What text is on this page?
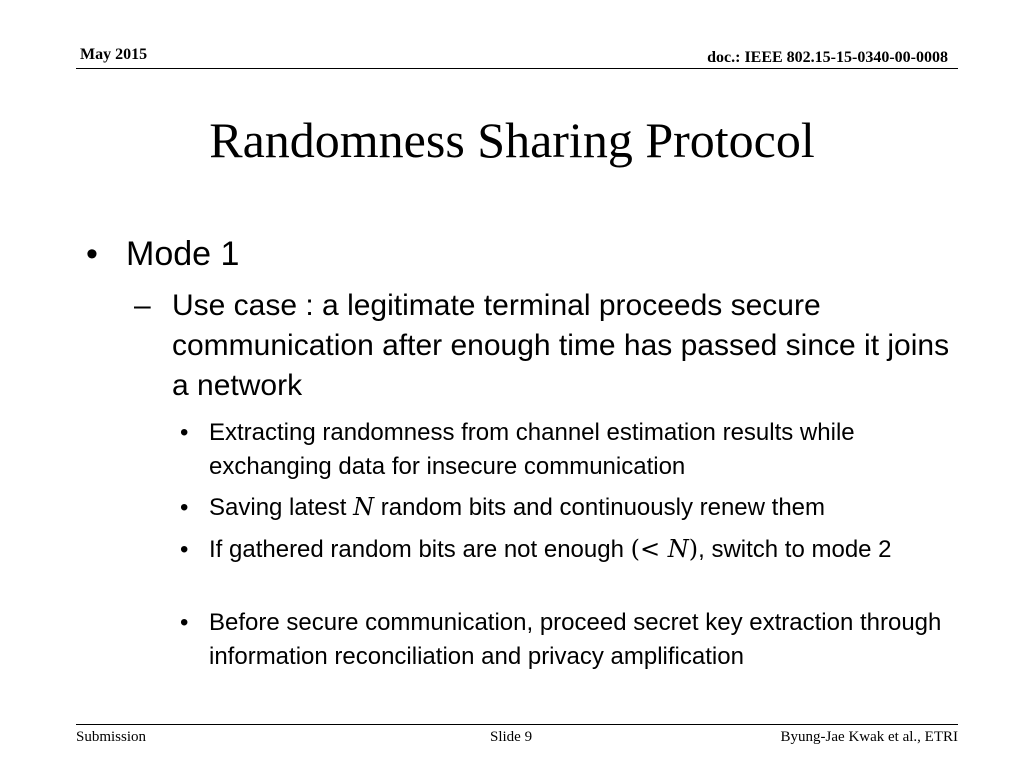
May 2015	doc.: IEEE 802.15-15-0340-00-0008
Randomness Sharing Protocol
• Mode 1
– Use case : a legitimate terminal proceeds secure communication after enough time has passed since it joins a network
• Extracting randomness from channel estimation results while exchanging data for insecure communication
• Saving latest N random bits and continuously renew them
• If gathered random bits are not enough (< N), switch to mode 2
• Before secure communication, proceed secret key extraction through information reconciliation and privacy amplification
Submission	Slide 9	Byung-Jae Kwak et al., ETRI
